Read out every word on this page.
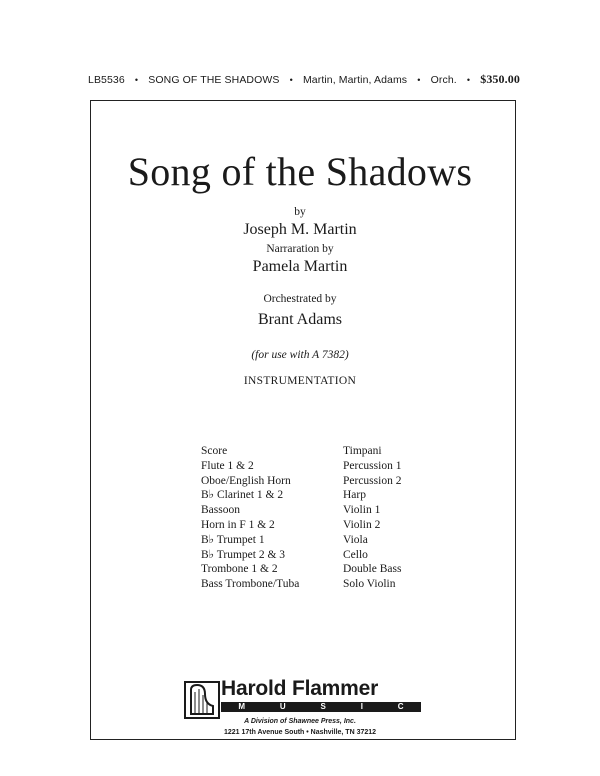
LB5536 • SONG OF THE SHADOWS • Martin, Martin, Adams • Orch. • $350.00
Song of the Shadows
by
Joseph M. Martin
Narraration by
Pamela Martin
Orchestrated by
Brant Adams
(for use with A 7382)
INSTRUMENTATION
Score
Flute 1 & 2
Oboe/English Horn
B♭ Clarinet 1 & 2
Bassoon
Horn in F 1 & 2
B♭ Trumpet 1
B♭ Trumpet 2 & 3
Trombone 1 & 2
Bass Trombone/Tuba
Timpani
Percussion 1
Percussion 2
Harp
Violin 1
Violin 2
Viola
Cello
Double Bass
Solo Violin
Harold Flammer
M	U	S	I	C
A Division of Shawnee Press, Inc.
1221 17th Avenue South • Nashville, TN 37212
